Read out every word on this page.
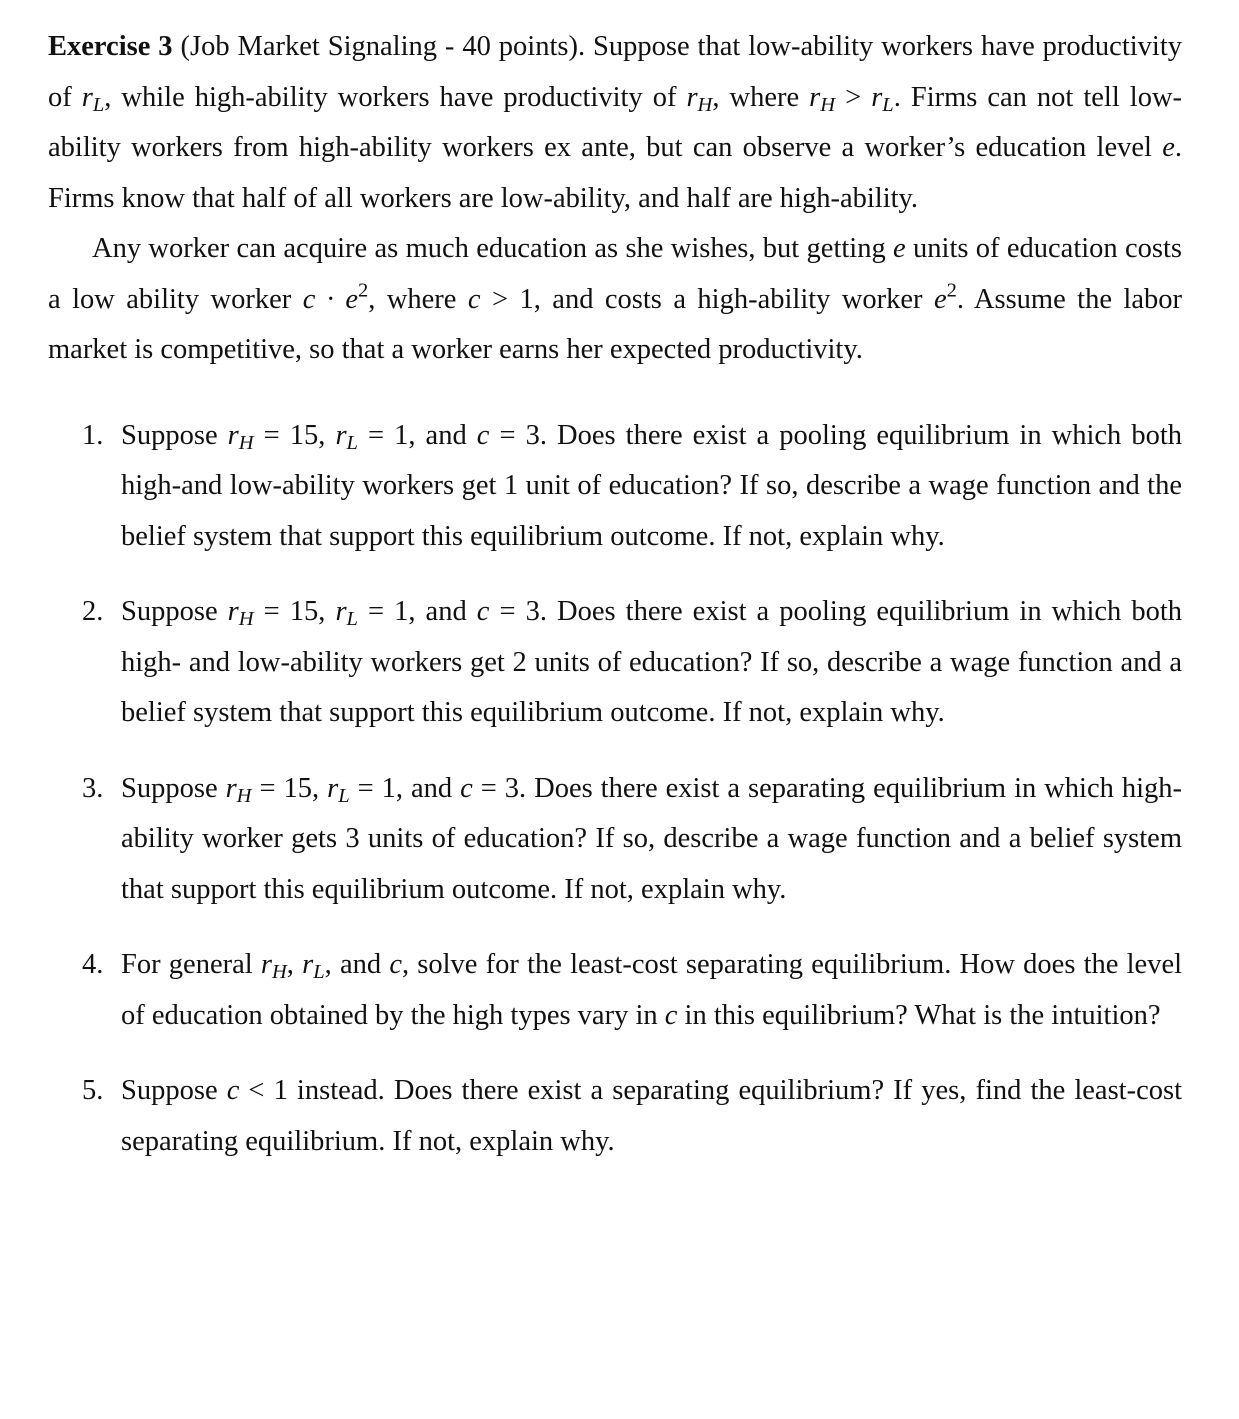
Exercise 3 (Job Market Signaling - 40 points). Suppose that low-ability workers have productivity of $r_L$, while high-ability workers have productivity of $r_H$, where $r_H > r_L$. Firms can not tell low-ability workers from high-ability workers ex ante, but can observe a worker’s education level e. Firms know that half of all workers are low-ability, and half are high-ability.

Any worker can acquire as much education as she wishes, but getting e units of education costs a low ability worker $c \cdot e^2$, where c > 1, and costs a high-ability worker $e^2$. Assume the labor market is competitive, so that a worker earns her expected productivity.

1. Suppose $r_H = 15$, $r_L = 1$, and c = 3. Does there exist a pooling equilibrium in which both high-and low-ability workers get 1 unit of education? If so, describe a wage function and the belief system that support this equilibrium outcome. If not, explain why.
2. Suppose $r_H = 15$, $r_L = 1$, and c = 3. Does there exist a pooling equilibrium in which both high- and low-ability workers get 2 units of education? If so, describe a wage function and a belief system that support this equilibrium outcome. If not, explain why.
3. Suppose $r_H = 15$, $r_L = 1$, and c = 3. Does there exist a separating equilibrium in which high-ability worker gets 3 units of education? If so, describe a wage function and a belief system that support this equilibrium outcome. If not, explain why.
4. For general $r_H$, $r_L$, and c, solve for the least-cost separating equilibrium. How does the level of education obtained by the high types vary in c in this equilibrium? What is the intuition?
5. Suppose c < 1 instead. Does there exist a separating equilibrium? If yes, find the least-cost separating equilibrium. If not, explain why.
